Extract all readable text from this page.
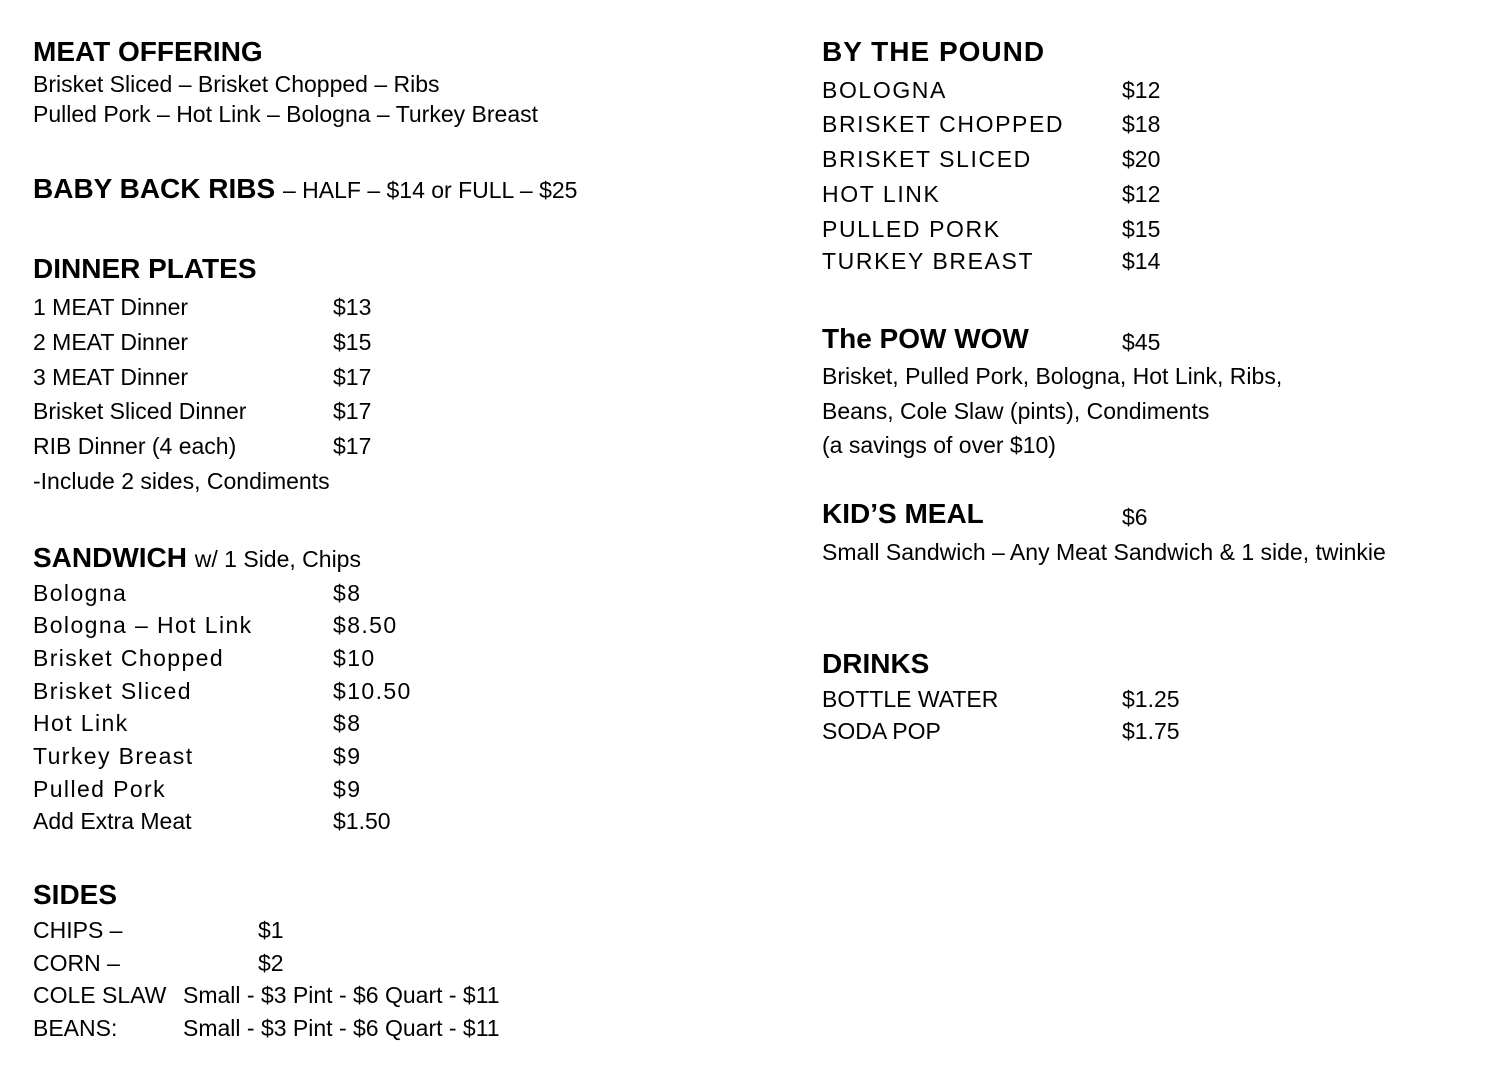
MEAT OFFERING
Brisket Sliced – Brisket Chopped – Ribs
Pulled Pork – Hot Link – Bologna – Turkey Breast
BABY BACK RIBS – HALF – $14 or FULL – $25
DINNER PLATES
1 MEAT Dinner	$13
2 MEAT Dinner	$15
3 MEAT Dinner	$17
Brisket Sliced Dinner	$17
RIB Dinner (4 each)	$17
-Include 2 sides, Condiments
SANDWICH w/ 1 Side, Chips
Bologna	$8
Bologna – Hot Link	$8.50
Brisket Chopped	$10
Brisket Sliced	$10.50
Hot Link	$8
Turkey Breast	$9
Pulled Pork	$9
Add Extra Meat	$1.50
SIDES
CHIPS –	$1
CORN –	$2
COLE SLAW Small - $3 Pint - $6 Quart - $11
BEANS:	Small - $3 Pint - $6 Quart - $11
BY THE POUND
BOLOGNA	$12
BRISKET CHOPPED	$18
BRISKET SLICED	$20
HOT LINK	$12
PULLED PORK	$15
TURKEY BREAST	$14
The POW WOW	$45
Brisket, Pulled Pork, Bologna, Hot Link, Ribs,
Beans, Cole Slaw (pints), Condiments
(a savings of over $10)
KID’S MEAL	$6
Small Sandwich – Any Meat Sandwich & 1 side, twinkie
DRINKS
BOTTLE WATER	$1.25
SODA POP	$1.75
